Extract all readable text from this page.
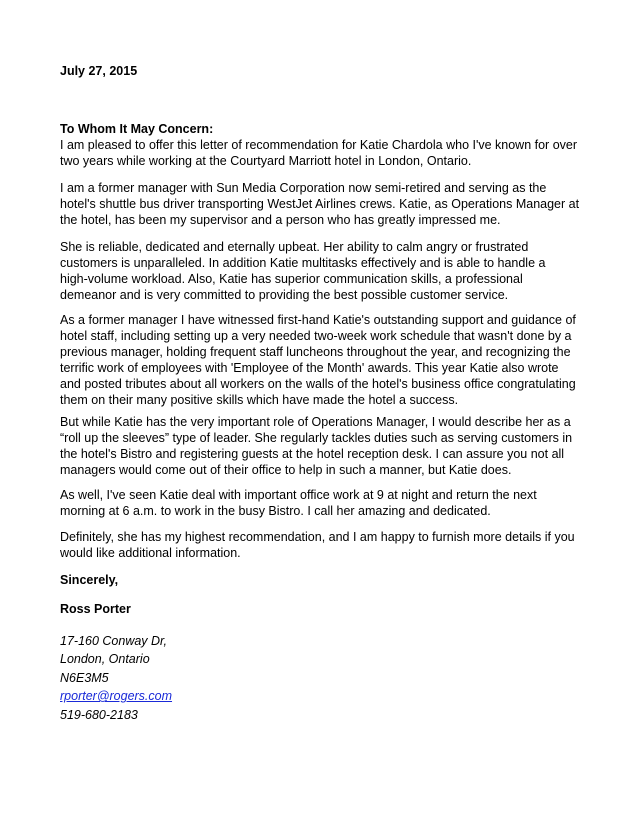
July 27, 2015
To Whom It May Concern:

I am pleased to offer this letter of recommendation for Katie Chardola who I've known for over
two years while working at the Courtyard Marriott hotel in London, Ontario.

I am a former manager with Sun Media Corporation now semi-retired and serving as the
hotel's shuttle bus driver transporting WestJet Airlines crews. Katie, as Operations Manager at
the hotel, has been my supervisor and a person who has greatly impressed me.

She is reliable, dedicated and eternally upbeat. Her ability to calm angry or frustrated
customers is unparalleled. In addition Katie multitasks effectively and is able to handle a
high-volume workload. Also, Katie has superior communication skills, a professional
demeanor and is very committed to providing the best possible customer service.

As a former manager I have witnessed first-hand Katie's outstanding support and guidance of
hotel staff, including setting up a very needed two-week work schedule that wasn't done by a
previous manager, holding frequent staff luncheons throughout the year, and recognizing the
terrific work of employees with 'Employee of the Month' awards. This year Katie also wrote
and posted tributes about all workers on the walls of the hotel's business office congratulating
them on their many positive skills which have made the hotel a success.

But while Katie has the very important role of Operations Manager, I would describe her as a
“roll up the sleeves” type of leader. She regularly tackles duties such as serving customers in
the hotel's Bistro and registering guests at the hotel reception desk. I can assure you not all
managers would come out of their office to help in such a manner, but Katie does.

As well, I've seen Katie deal with important office work at 9 at night and return the next
morning at 6 a.m. to work in the busy Bistro. I call her amazing and dedicated.

Definitely, she has my highest recommendation, and I am happy to furnish more details if you
would like additional information.

Sincerely,
Ross Porter
17-160 Conway Dr,
London, Ontario
N6E3M5
rporter@rogers.com
519-680-2183
